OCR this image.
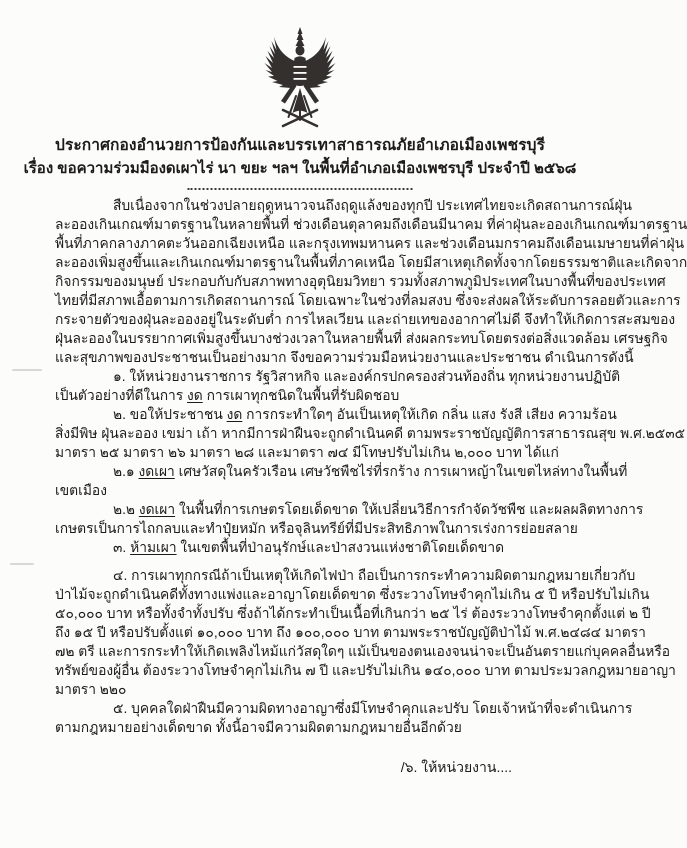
ประกาศกองอำนวยการป้องกันและบรรเทาสาธารณภัยอำเภอเมืองเพชรบุรี
เรื่อง ขอความร่วมมืองดเผาไร่ นา ขยะ ฯลฯ ในพื้นที่อำเภอเมืองเพชรบุรี ประจำปี ๒๕๖๘
สืบเนื่องจากในช่วงปลายฤดูหนาวจนถึงฤดูแล้งของทุกปี ประเทศไทยจะเกิดสถานการณ์ฝุ่น
ละอองเกินเกณฑ์มาตรฐานในหลายพื้นที่ ช่วงเดือนตุลาคมถึงเดือนมีนาคม ที่ค่าฝุ่นละอองเกินเกณฑ์มาตรฐาน
พื้นที่ภาคกลางภาคตะวันออกเฉียงเหนือ และกรุงเทพมหานคร และช่วงเดือนมกราคมถึงเดือนเมษายนที่ค่าฝุ่น
ละอองเพิ่มสูงขึ้นและเกินเกณฑ์มาตรฐานในพื้นที่ภาคเหนือ โดยมีสาเหตุเกิดทั้งจากโดยธรรมชาติและเกิดจาก
กิจกรรมของมนุษย์ ประกอบกับกับสภาพทางอุตุนิยมวิทยา รวมทั้งสภาพภูมิประเทศในบางพื้นที่ของประเทศ
ไทยที่มีสภาพเอื้อตามการเกิดสถานการณ์ โดยเฉพาะในช่วงที่ลมสงบ ซึ่งจะส่งผลให้ระดับการลอยตัวและการ
กระจายตัวของฝุ่นละอองอยู่ในระดับต่ำ การไหลเวียน และถ่ายเทของอากาศไม่ดี จึงทำให้เกิดการสะสมของ
ฝุ่นละอองในบรรยากาศเพิ่มสูงขึ้นบางช่วงเวลาในหลายพื้นที่ ส่งผลกระทบโดยตรงต่อสิ่งแวดล้อม เศรษฐกิจ
และสุขภาพของประชาชนเป็นอย่างมาก จึงขอความร่วมมือหน่วยงานและประชาชน ดำเนินการดังนี้
๑. ให้หน่วยงานราชการ รัฐวิสาหกิจ และองค์กรปกครองส่วนท้องถิ่น ทุกหน่วยงานปฏิบัติ
เป็นตัวอย่างที่ดีในการ งด การเผาทุกชนิดในพื้นที่รับผิดชอบ
๒. ขอให้ประชาชน งด การกระทำใดๆ อันเป็นเหตุให้เกิด กลิ่น แสง รังสี เสียง ความร้อน
สิ่งมีพิษ ฝุ่นละออง เขม่า เถ้า หากมีการฝ่าฝืนจะถูกดำเนินคดี ตามพระราชบัญญัติการสาธารณสุข พ.ศ.๒๕๓๕
มาตรา ๒๕ มาตรา ๒๖ มาตรา ๒๘ และมาตรา ๗๔ มีโทษปรับไม่เกิน ๒,๐๐๐ บาท ได้แก่
๒.๑ งดเผา เศษวัสดุในครัวเรือน เศษวัชพืชไร่ที่รกร้าง การเผาหญ้าในเขตไหล่ทางในพื้นที่
เขตเมือง
๒.๒ งดเผา ในพื้นที่การเกษตรโดยเด็ดขาด ให้เปลี่ยนวิธีการกำจัดวัชพืช และผลผลิตทางการ
เกษตรเป็นการไถกลบและทำปุ๋ยหมัก หรือจุลินทรีย์ที่มีประสิทธิภาพในการเร่งการย่อยสลาย
๓. ห้ามเผา ในเขตพื้นที่ป่าอนุรักษ์และป่าสงวนแห่งชาติโดยเด็ดขาด
๔. การเผาทุกกรณีถ้าเป็นเหตุให้เกิดไฟป่า ถือเป็นการกระทำความผิดตามกฎหมายเกี่ยวกับ
ป่าไม้จะถูกดำเนินคดีทั้งทางแพ่งและอาญาโดยเด็ดขาด ซึ่งระวางโทษจำคุกไม่เกิน ๕ ปี หรือปรับไม่เกิน
๕๐,๐๐๐ บาท หรือทั้งจำทั้งปรับ ซึ่งถ้าได้กระทำเป็นเนื้อที่เกินกว่า ๒๕ ไร่ ต้องระวางโทษจำคุกตั้งแต่ ๒ ปี
ถึง ๑๕ ปี หรือปรับตั้งแต่ ๑๐,๐๐๐ บาท ถึง ๑๐๐,๐๐๐ บาท ตามพระราชบัญญัติป่าไม้ พ.ศ.๒๔๘๔ มาตรา
๗๒ ตรี และการกระทำให้เกิดเพลิงไหม้แก่วัสดุใดๆ แม้เป็นของตนเองจนน่าจะเป็นอันตรายแก่บุคคลอื่นหรือ
ทรัพย์ของผู้อื่น ต้องระวางโทษจำคุกไม่เกิน ๗ ปี และปรับไม่เกิน ๑๔๐,๐๐๐ บาท ตามประมวลกฎหมายอาญา
มาตรา ๒๒๐
๕. บุคคลใดฝ่าฝืนมีความผิดทางอาญาซึ่งมีโทษจำคุกและปรับ โดยเจ้าหน้าที่จะดำเนินการ
ตามกฎหมายอย่างเด็ดขาด ทั้งนี้อาจมีความผิดตามกฎหมายอื่นอีกด้วย
/๖. ให้หน่วยงาน....
